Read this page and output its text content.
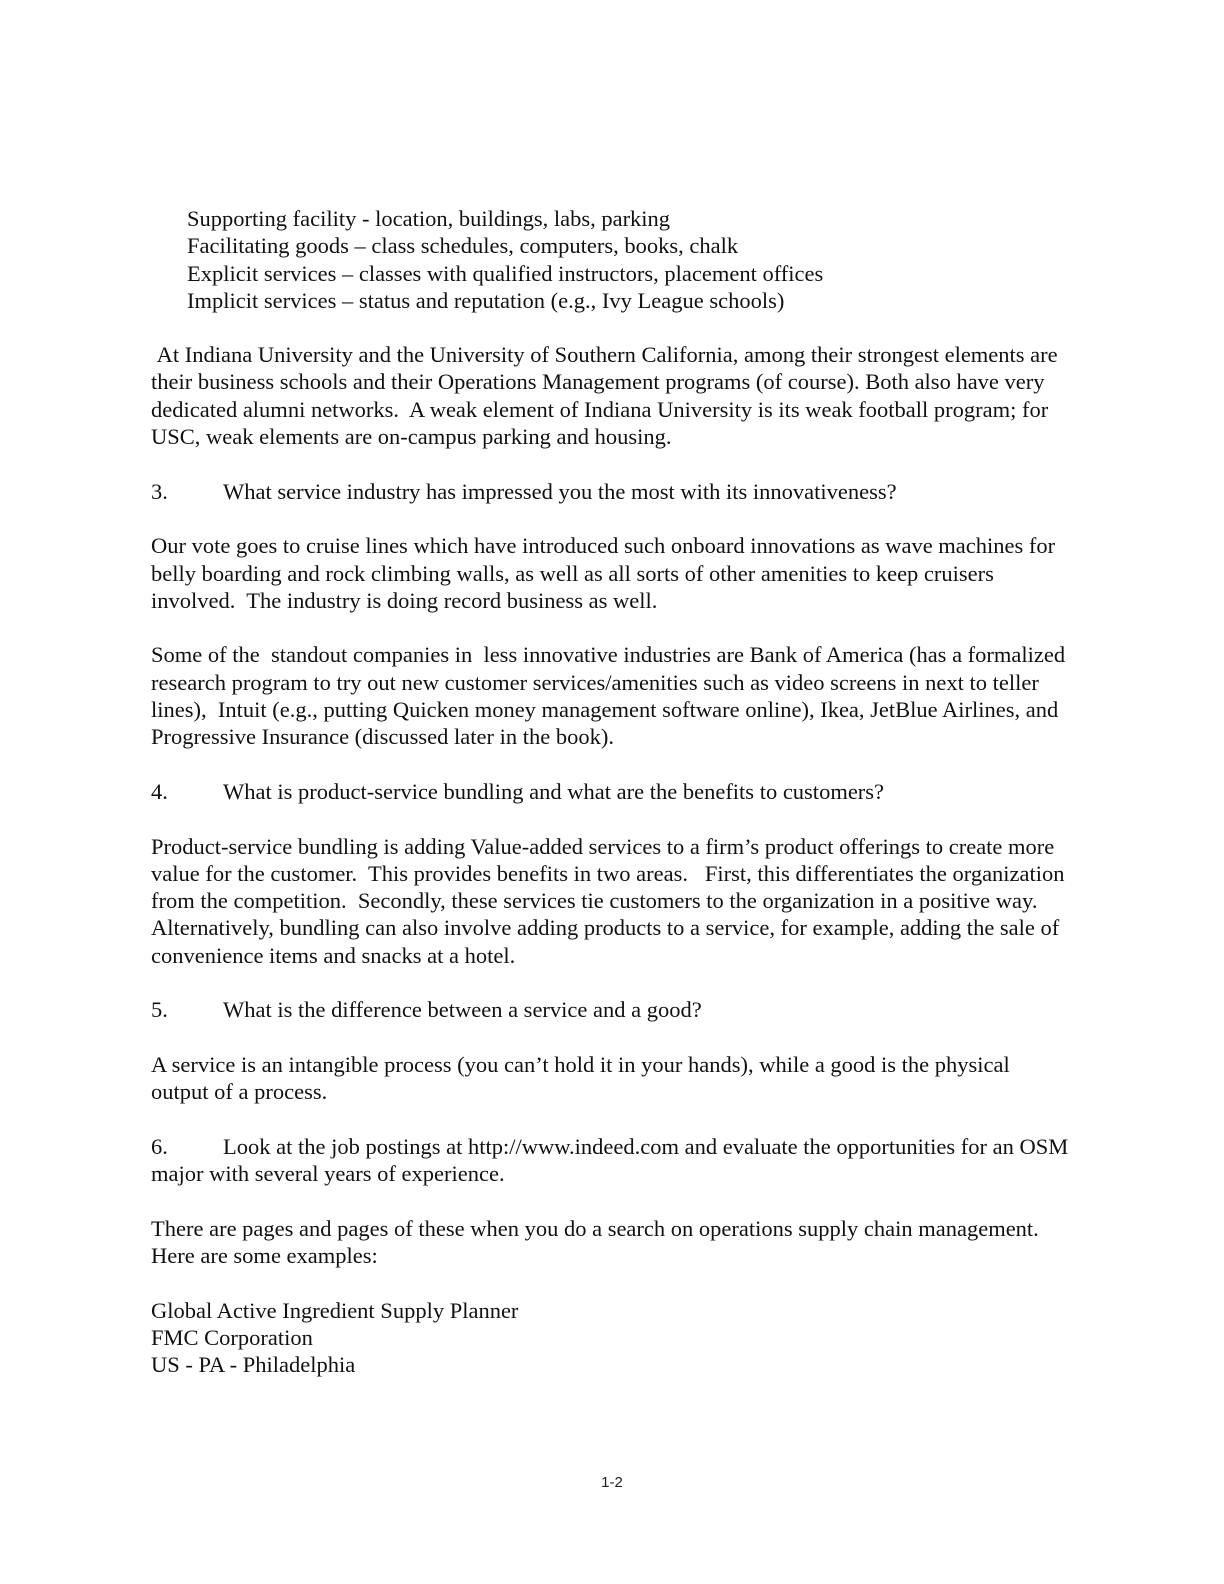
Supporting facility - location, buildings, labs, parking
Facilitating goods – class schedules, computers, books, chalk
Explicit services – classes with qualified instructors, placement offices
Implicit services – status and reputation (e.g., Ivy League schools)

At Indiana University and the University of Southern California, among their strongest elements are their business schools and their Operations Management programs (of course). Both also have very dedicated alumni networks.  A weak element of Indiana University is its weak football program; for USC, weak elements are on-campus parking and housing.

3.	What service industry has impressed you the most with its innovativeness?

Our vote goes to cruise lines which have introduced such onboard innovations as wave machines for belly boarding and rock climbing walls, as well as all sorts of other amenities to keep cruisers involved.  The industry is doing record business as well.

Some of the  standout companies in  less innovative industries are Bank of America (has a formalized research program to try out new customer services/amenities such as video screens in next to teller lines),  Intuit (e.g., putting Quicken money management software online), Ikea, JetBlue Airlines, and Progressive Insurance (discussed later in the book).

4.	What is product-service bundling and what are the benefits to customers?

Product-service bundling is adding Value-added services to a firm’s product offerings to create more value for the customer.  This provides benefits in two areas.   First, this differentiates the organization from the competition.  Secondly, these services tie customers to the organization in a positive way. Alternatively, bundling can also involve adding products to a service, for example, adding the sale of convenience items and snacks at a hotel.

5.	What is the difference between a service and a good?

A service is an intangible process (you can’t hold it in your hands), while a good is the physical output of a process.

6. Look at the job postings at http://www.indeed.com and evaluate the opportunities for an OSM major with several years of experience.

There are pages and pages of these when you do a search on operations supply chain management.  Here are some examples:

Global Active Ingredient Supply Planner

FMC Corporation

US - PA - Philadelphia

1-2
